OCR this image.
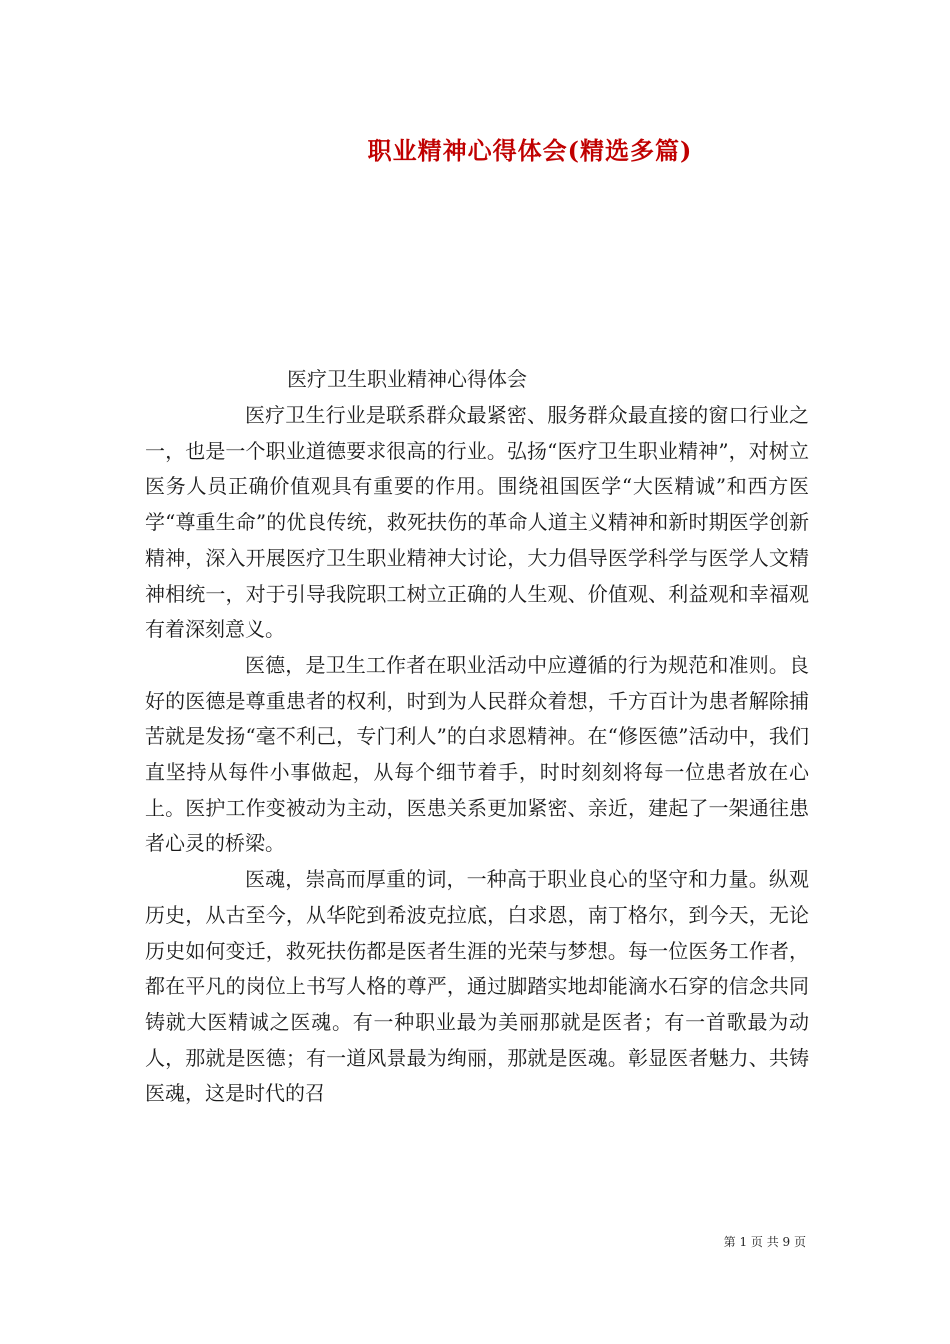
职业精神心得体会(精选多篇)
医疗卫生职业精神心得体会

医疗卫生行业是联系群众最紧密、服务群众最直接的窗口行业之一，也是一个职业道德要求很高的行业。弘扬“医疗卫生职业精神”，对树立医务人员正确价值观具有重要的作用。围绕祖国医学“大医精诚”和西方医学“尊重生命”的优良传统，救死扶伤的革命人道主义精神和新时期医学创新精神，深入开展医疗卫生职业精神大讨论，大力倡导医学科学与医学人文精神相统一，对于引导我院职工树立正确的人生观、价值观、利益观和幸福观有着深刻意义。

医德，是卫生工作者在职业活动中应遵循的行为规范和准则。良好的医德是尊重患者的权利，时到为人民群众着想，千方百计为患者解除捕苦就是发扬“毫不利己，专门利人”的白求恩精神。在“修医德”活动中，我们直坚持从每件小事做起，从每个细节着手，时时刻刻将每一位患者放在心上。医护工作变被动为主动，医患关系更加紧密、亲近，建起了一架通往患者心灵的桥梁。

医魂，崇高而厚重的词，一种高于职业良心的坚守和力量。纵观历史，从古至今，从华陀到希波克拉底，白求恩，南丁格尔，到今天，无论历史如何变迁，救死扶伤都是医者生涯的光荣与梦想。每一位医务工作者，都在平凡的岗位上书写人格的尊严，通过脚踏实地却能滴水石穿的信念共同铸就大医精诚之医魂。有一种职业最为美丽那就是医者；有一首歌最为动人，那就是医德；有一道风景最为绚丽，那就是医魂。彰显医者魅力、共铸医魂，这是时代的召

第 1 页 共 9 页
